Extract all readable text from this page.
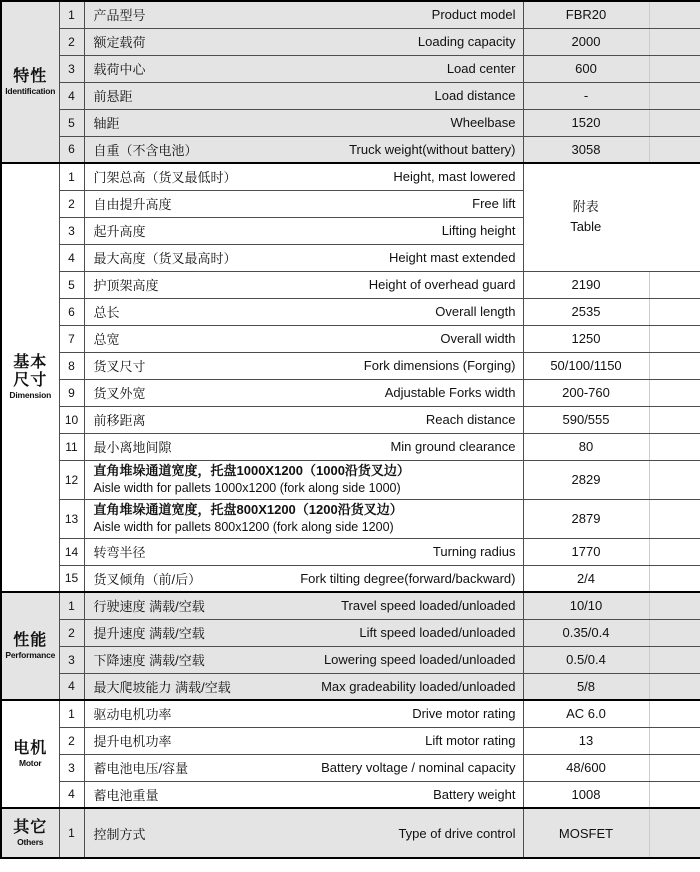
特性
Identification
	1	产品型号	Product model	FBR20	
	2	额定载荷 Loading capacity	2000	
	3	载荷中心 Load center	600	
	4	前悬距 Load distance	-	
	5	轴距 Wheelbase	1520	
	6	自重（不含电池） Truck weight(without battery)	3058	

基本
尺寸
Dimension
	1	门架总高（货叉最低时）	Height, mast lowered

附表
Table

	2	自由提升高度 Free lift		

	3	起升高度 Lifting height		

	4	最大高度（货叉最高时） Height mast extended		

	5	护顶架高度 Height of overhead guard	2190	
	6	总长 Overall length	2535	
	7	总宽 Overall width	1250	
	8	货叉尺寸 Fork dimensions (Forging)	50/100/1150	
	9	货叉外宽 Adjustable Forks width	200-760	
	10	前移距离 Reach distance	590/555	
	11	最小离地间隙 Min ground clearance	80	
	12	直角堆垛通道宽度，托盘1000X1200（1000沿货叉边）
Aisle width for pallets 1000x1200 (fork along side 1000)	2829	
	13	直角堆垛通道宽度，托盘800X1200（1200沿货叉边）
Aisle width for pallets 800x1200 (fork along side 1200)	2879	
	14	转弯半径 Turning radius	1770	
	15	货叉倾角（前/后） Fork tilting degree(forward/backward)	2/4	

性能
Performance
	1	行驶速度 满载/空载	Travel speed loaded/unloaded	10/10	
	2	提升速度 满载/空载 Lift speed loaded/unloaded	0.35/0.4	
	3	下降速度 满载/空载 Lowering speed loaded/unloaded	0.5/0.4	
	4	最大爬坡能力 满载/空载 Max gradeability loaded/unloaded	5/8	

电机
Motor
	1	驱动电机功率	Drive motor rating	AC 6.0	
	2	提升电机功率 Lift motor rating	13	
	3	蓄电池电压/容量 Battery voltage / nominal capacity	48/600	
	4	蓄电池重量 Battery weight	1008	

其它
Others
	1	控制方式	Type of drive control	MOSFET	
